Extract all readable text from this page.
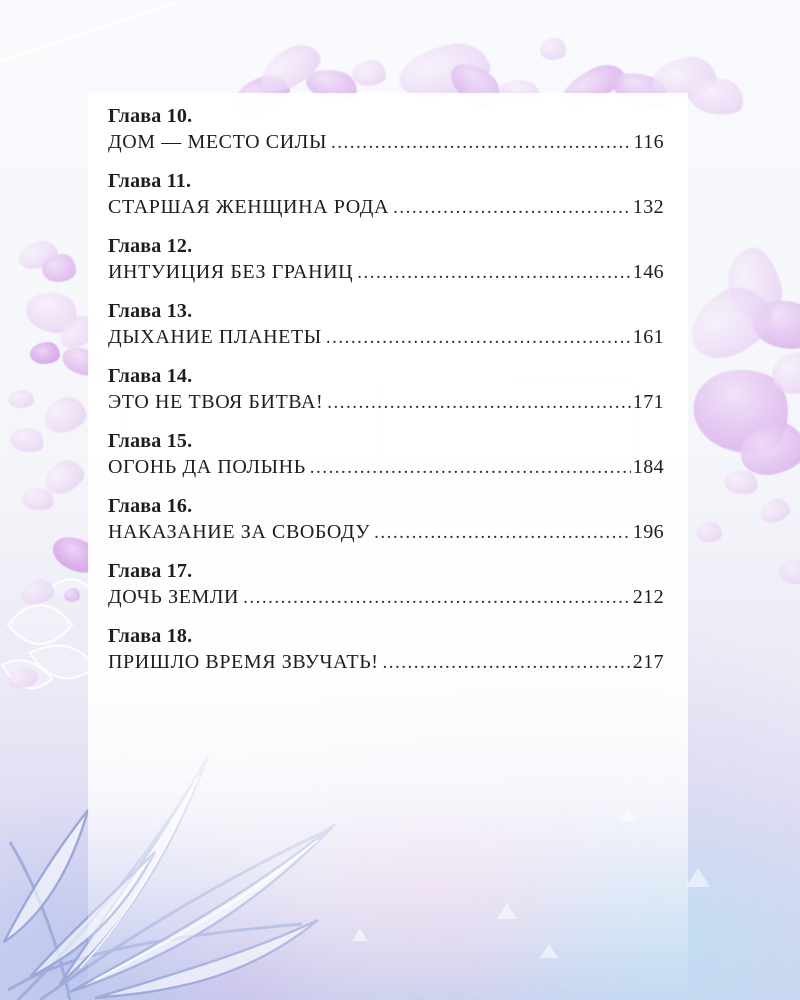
Глава 10.
ДОМ — МЕСТО СИЛЫ .....	116
Глава 11.
СТАРШАЯ ЖЕНЩИНА РОДА .....	132
Глава 12.
ИНТУИЦИЯ БЕЗ ГРАНИЦ .....	146
Глава 13.
ДЫХАНИЕ ПЛАНЕТЫ .....	161
Глава 14.
ЭТО НЕ ТВОЯ БИТВА! .....	171
Глава 15.
ОГОНЬ ДА ПОЛЫНЬ .....	184
Глава 16.
НАКАЗАНИЕ ЗА СВОБОДУ .....	196
Глава 17.
ДОЧЬ ЗЕМЛИ .....	212
Глава 18.
ПРИШЛО ВРЕМЯ ЗВУЧАТЬ! .....	217
